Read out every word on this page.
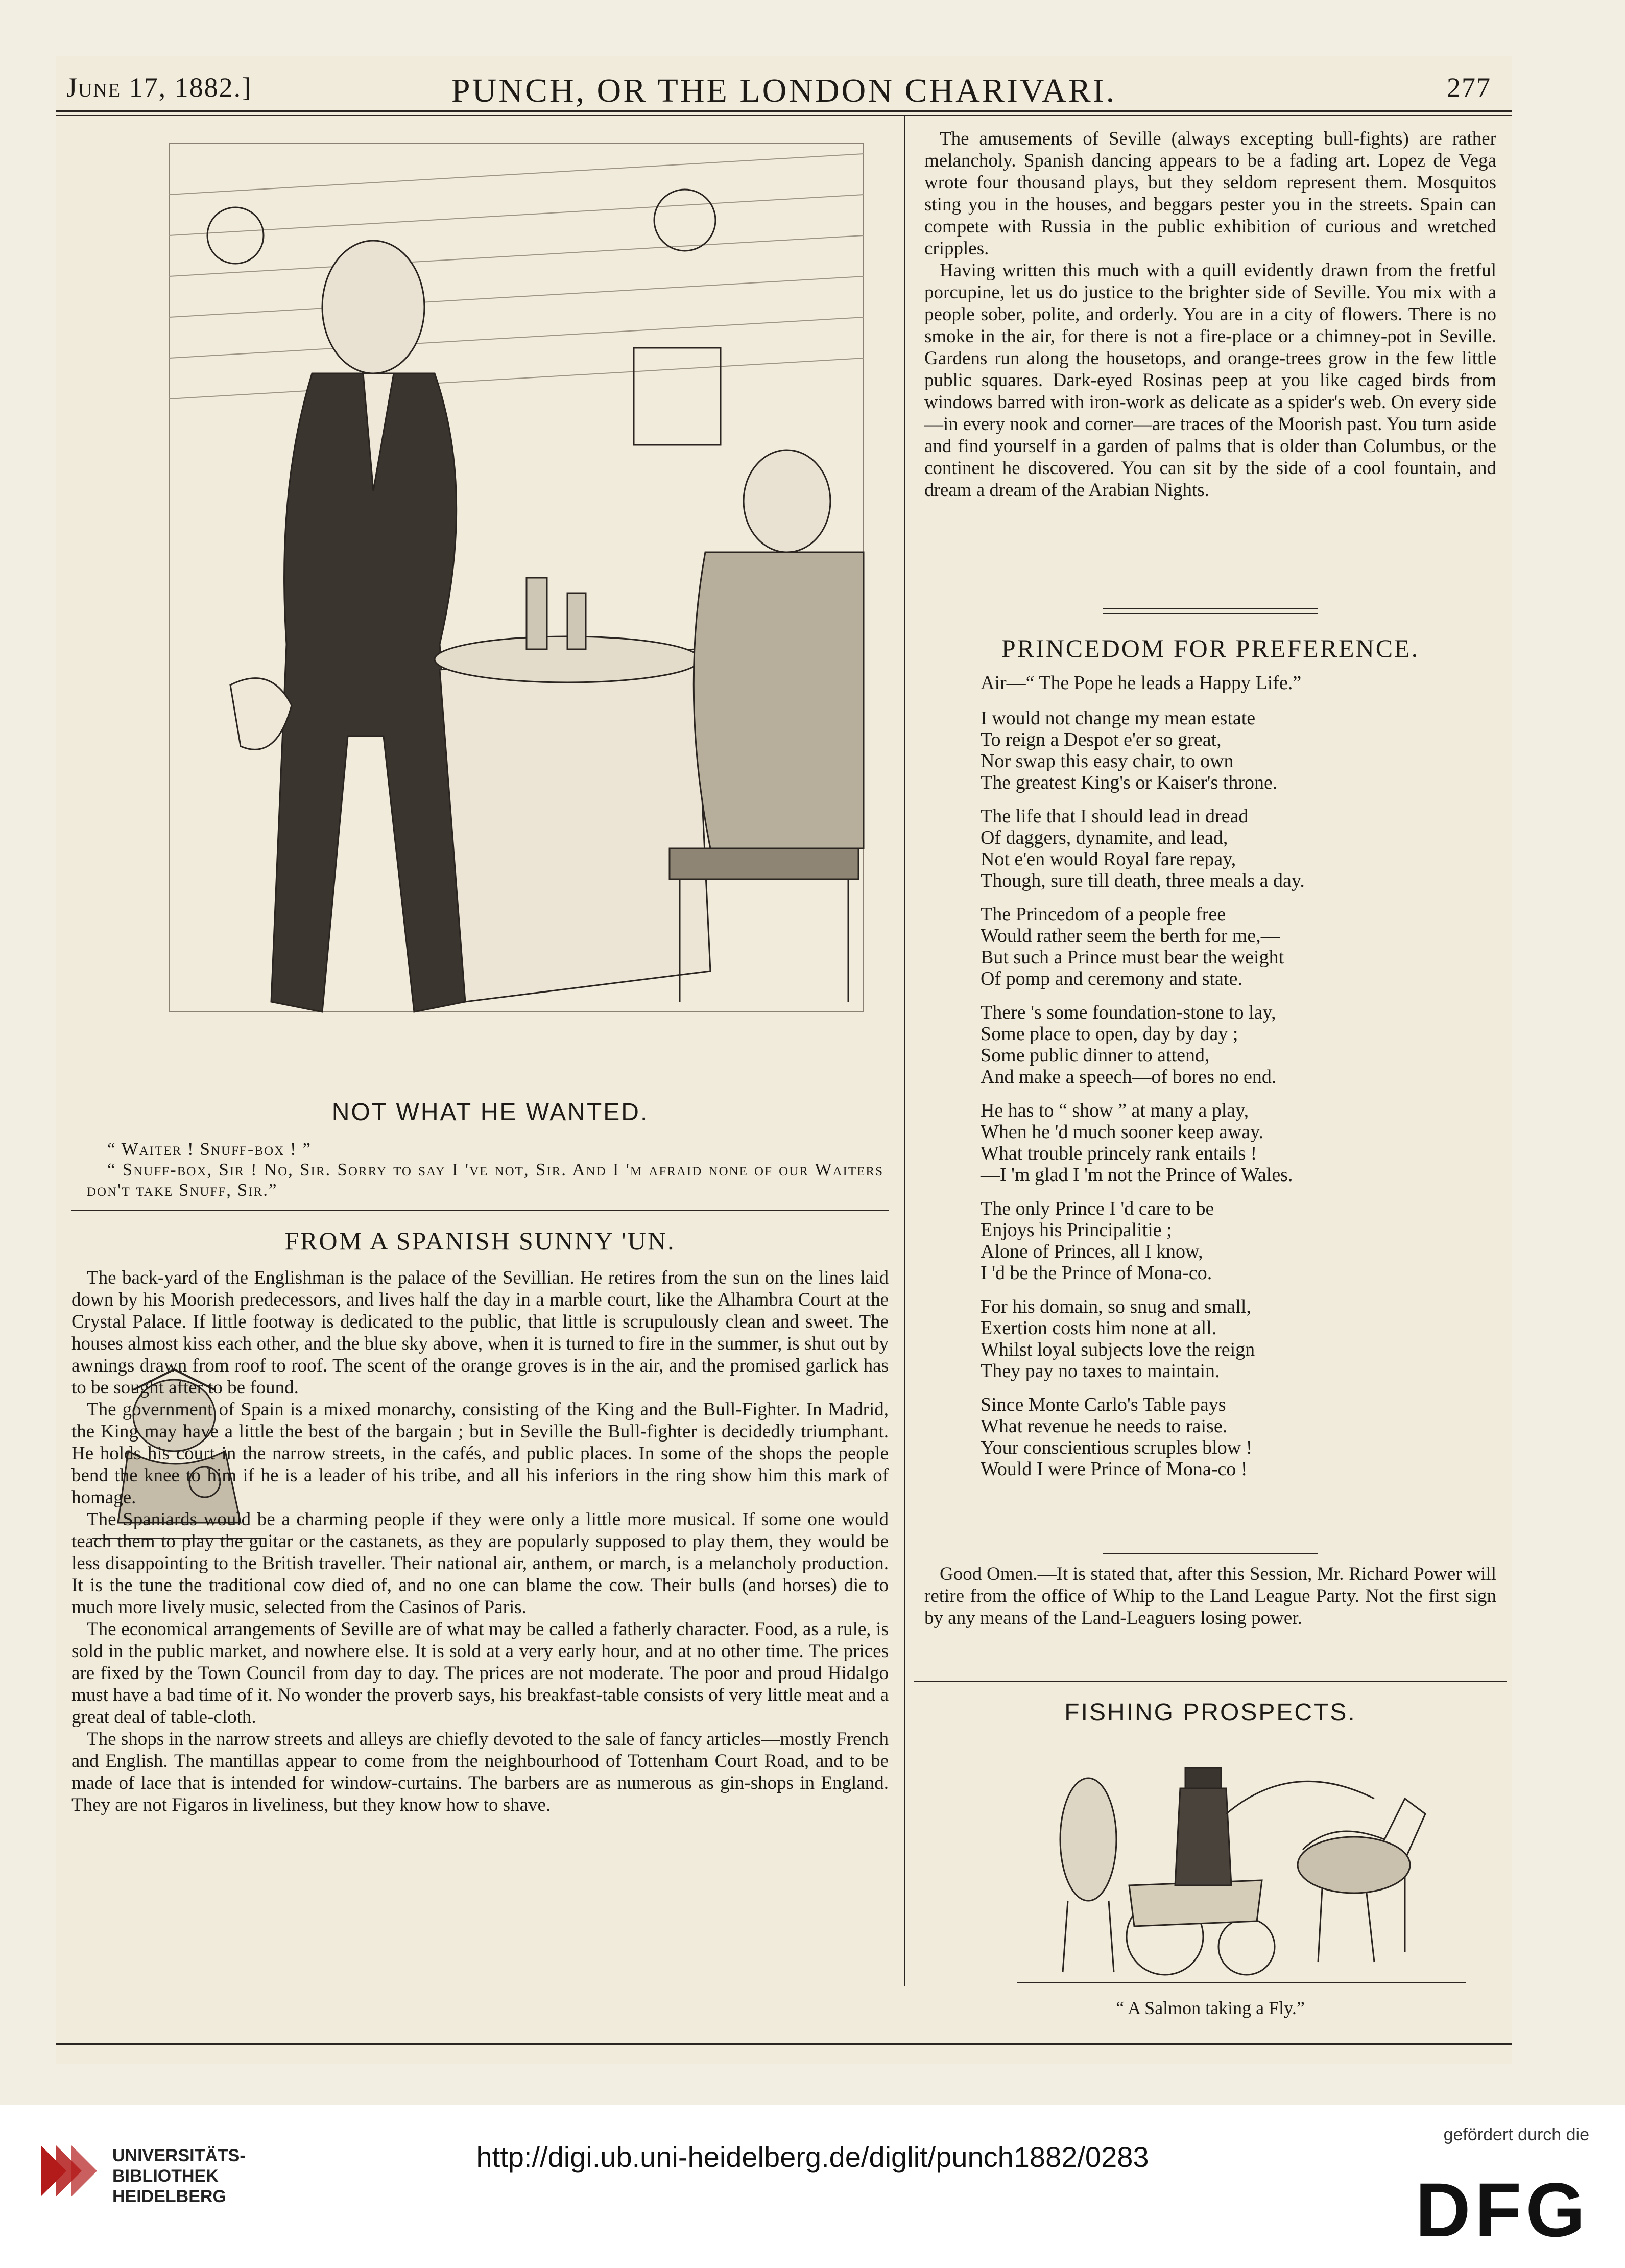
June 17, 1882.]	PUNCH, OR THE LONDON CHARIVARI.	277
NOT WHAT HE WANTED.
“ Waiter ! Snuff-box ! ”
“ Snuff-box, Sir ! No, Sir. Sorry to say I 've not, Sir. And I 'm afraid none of our Waiters don't take Snuff, Sir.”
FROM A SPANISH SUNNY 'UN.

The back-yard of the Englishman is the palace of the Sevillian. He retires from the sun on the lines laid down by his Moorish predecessors, and lives half the day in a marble court, like the Alhambra Court at the Crystal Palace. If little footway is dedicated to the public, that little is scrupulously clean and sweet. The houses almost kiss each other, and the blue sky above, when it is turned to fire in the summer, is shut out by awnings drawn from roof to roof. The scent of the orange groves is in the air, and the promised garlick has to be sought after to be found.

The government of Spain is a mixed monarchy, consisting of the King and the Bull-Fighter. In Madrid, the King may have a little the best of the bargain ; but in Seville the Bull-fighter is decidedly triumphant. He holds his court in the narrow streets, in the cafés, and public places. In some of the shops the people bend the knee to him if he is a leader of his tribe, and all his inferiors in the ring show him this mark of homage.

The Spaniards would be a charming people if they were only a little more musical. If some one would teach them to play the guitar or the castanets, as they are popularly supposed to play them, they would be less disappointing to the British traveller. Their national air, anthem, or march, is a melancholy production. It is the tune the traditional cow died of, and no one can blame the cow. Their bulls (and horses) die to much more lively music, selected from the Casinos of Paris.

The economical arrangements of Seville are of what may be called a fatherly character. Food, as a rule, is sold in the public market, and nowhere else. It is sold at a very early hour, and at no other time. The prices are fixed by the Town Council from day to day. The prices are not moderate. The poor and proud Hidalgo must have a bad time of it. No wonder the proverb says, his breakfast-table consists of very little meat and a great deal of table-cloth.

The shops in the narrow streets and alleys are chiefly devoted to the sale of fancy articles—mostly French and English. The mantillas appear to come from the neighbourhood of Tottenham Court Road, and to be made of lace that is intended for window-curtains. The barbers are as numerous as gin-shops in England. They are not Figaros in liveliness, but they know how to shave.

The amusements of Seville (always excepting bull-fights) are rather melancholy. Spanish dancing appears to be a fading art. Lopez de Vega wrote four thousand plays, but they seldom represent them. Mosquitos sting you in the houses, and beggars pester you in the streets. Spain can compete with Russia in the public exhibition of curious and wretched cripples.

Having written this much with a quill evidently drawn from the fretful porcupine, let us do justice to the brighter side of Seville. You mix with a people sober, polite, and orderly. You are in a city of flowers. There is no smoke in the air, for there is not a fire-place or a chimney-pot in Seville. Gardens run along the housetops, and orange-trees grow in the few little public squares. Dark-eyed Rosinas peep at you like caged birds from windows barred with iron-work as delicate as a spider's web. On every side—in every nook and corner—are traces of the Moorish past. You turn aside and find yourself in a garden of palms that is older than Columbus, or the continent he discovered. You can sit by the side of a cool fountain, and dream a dream of the Arabian Nights.

PRINCEDOM FOR PREFERENCE.
Air—“ The Pope he leads a Happy Life.”
I would not change my mean estate
To reign a Despot e'er so great,
Nor swap this easy chair, to own
The greatest King's or Kaiser's throne.
The life that I should lead in dread
Of daggers, dynamite, and lead,
Not e'en would Royal fare repay,
Though, sure till death, three meals a day.
The Princedom of a people free
Would rather seem the berth for me,—
But such a Prince must bear the weight
Of pomp and ceremony and state.
There 's some foundation-stone to lay,
Some place to open, day by day ;
Some public dinner to attend,
And make a speech—of bores no end.
He has to “ show ” at many a play,
When he 'd much sooner keep away.
What trouble princely rank entails !
—I 'm glad I 'm not the Prince of Wales.
The only Prince I 'd care to be
Enjoys his Principalitie ;
Alone of Princes, all I know,
I 'd be the Prince of Mona-co.
For his domain, so snug and small,
Exertion costs him none at all.
Whilst loyal subjects love the reign
They pay no taxes to maintain.
Since Monte Carlo's Table pays
What revenue he needs to raise.
Your conscientious scruples blow !
Would I were Prince of Mona-co !

Good Omen.—It is stated that, after this Session, Mr. Richard Power will retire from the office of Whip to the Land League Party. Not the first sign by any means of the Land-Leaguers losing power.

FISHING PROSPECTS.
“ A Salmon taking a Fly.”
UNIVERSITÄTS-
BIBLIOTHEK
HEIDELBERG
http://digi.ub.uni-heidelberg.de/diglit/punch1882/0283
gefördert durch die
DFG
